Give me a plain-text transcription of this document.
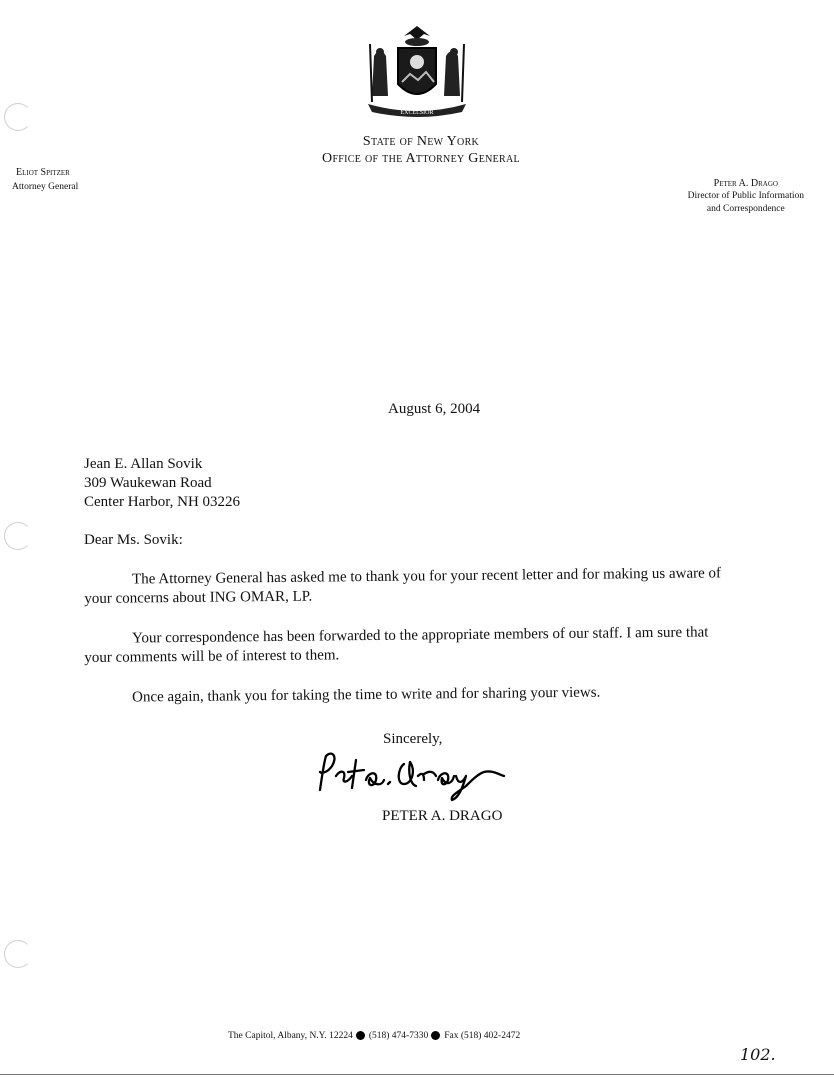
EXCELSIOR
State of New York
Office of the Attorney General
Eliot Spitzer
Attorney General	Peter A. Drago
Director of Public Information
and Correspondence
August 6, 2004
Jean E. Allan Sovik
309 Waukewan Road
Center Harbor, NH 03226
Dear Ms. Sovik:
The Attorney General has asked me to thank you for your recent letter and for making us aware of your concerns about ING OMAR, LP.
Your correspondence has been forwarded to the appropriate members of our staff. I am sure that your comments will be of interest to them.
Once again, thank you for taking the time to write and for sharing your views.
Sincerely,
PETER A. DRAGO
The Capitol, Albany, N.Y. 12224 (518) 474-7330 Fax (518) 402-2472
102.
